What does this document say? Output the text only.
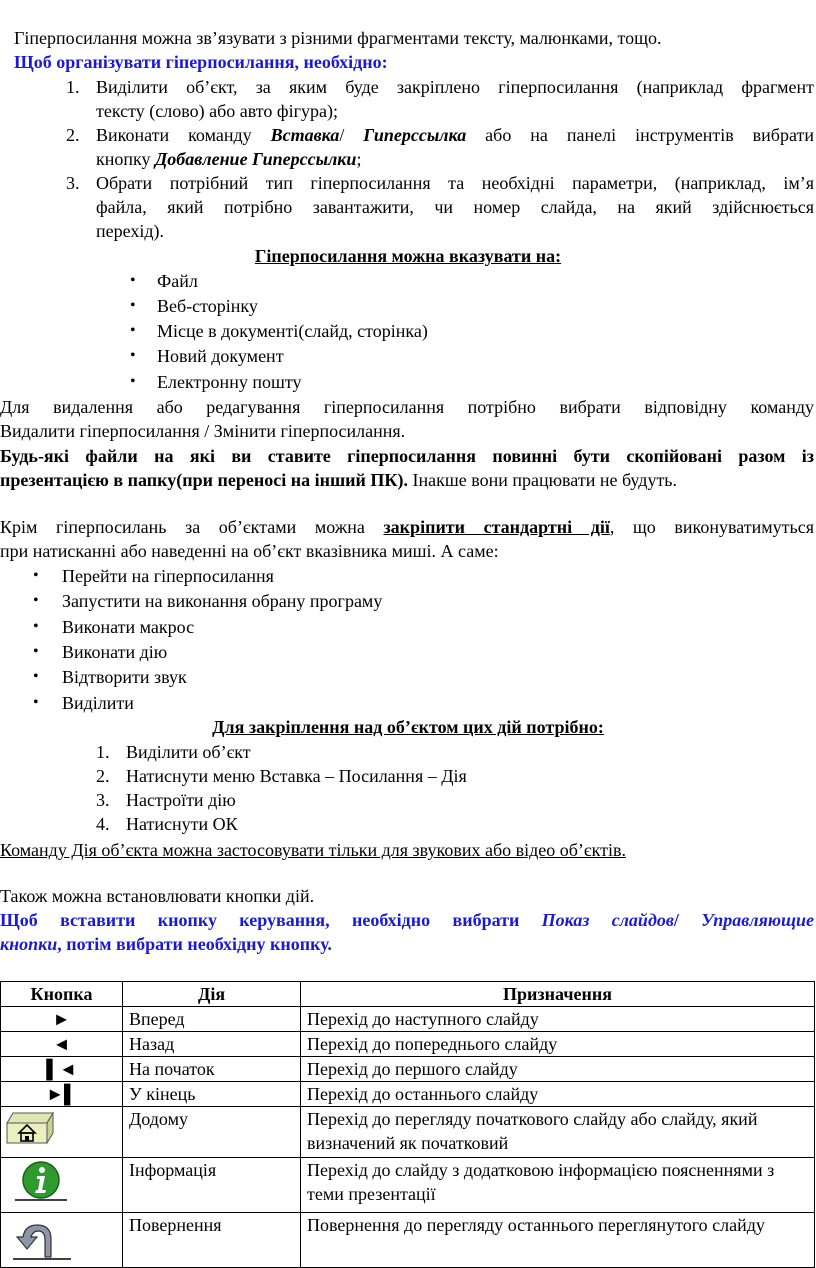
Гіперпосилання можна зв’язувати з різними фрагментами тексту, малюнками, тощо.
Щоб організувати гіперпосилання, необхідно:
1. Виділити об’єкт, за яким буде закріплено гіперпосилання (наприклад фрагмент
тексту (слово) або авто фігура);
2. Виконати команду Вставка/ Гиперссылка або на панелі інструментів вибрати
кнопку Добавление Гиперссылки;
3. Обрати потрібний тип гіперпосилання та необхідні параметри, (наприклад, ім’я
файла, який потрібно завантажити, чи номер слайда, на який здійснюється
перехід).
Гіперпосилання можна вказувати на:
• Файл
• Веб-сторінку
• Місце в документі(слайд, сторінка)
• Новий документ
• Електронну пошту
Для видалення або редагування гіперпосилання потрібно вибрати відповідну команду
Видалити гіперпосилання / Змінити гіперпосилання.
Будь-які файли на які ви ставите гіперпосилання повинні бути скопійовані разом із
презентацією в папку(при переносі на інший ПК). Інакше вони працювати не будуть.
Крім гіперпосилань за об’єктами можна закріпити стандартні дії, що виконуватимуться
при натисканні або наведенні на об’єкт вказівника миші. А саме:
• Перейти на гіперпосилання
• Запустити на виконання обрану програму
• Виконати макрос
• Виконати дію
• Відтворити звук
• Виділити
Для закріплення над об’єктом цих дій потрібно:
1. Виділити об’єкт
2. Натиснути меню Вставка – Посилання – Дія
3. Настроїти дію
4. Натиснути ОК
Команду Дія об’єкта можна застосовувати тільки для звукових або відео об’єктів.
Також можна встановлювати кнопки дій.
Щоб вставити кнопку керування, необхідно вибрати Показ слайдов/ Управляющие
кнопки, потім вибрати необхідну кнопку.
Кнопка	Дія	Призначення
►	Вперед	Перехід до наступного слайду
◄	Назад	Перехід до попереднього слайду
▌◄	На початок	Перехід до першого слайду
►▌	У кінець	Перехід до останнього слайду
	Додому	Перехід до перегляду початкового слайду або слайду, який визначений як початковий
	Інформація	Перехід до слайду з додатковою інформацією поясненнями з теми презентації
	Повернення	Повернення до перегляду останнього переглянутого слайду
